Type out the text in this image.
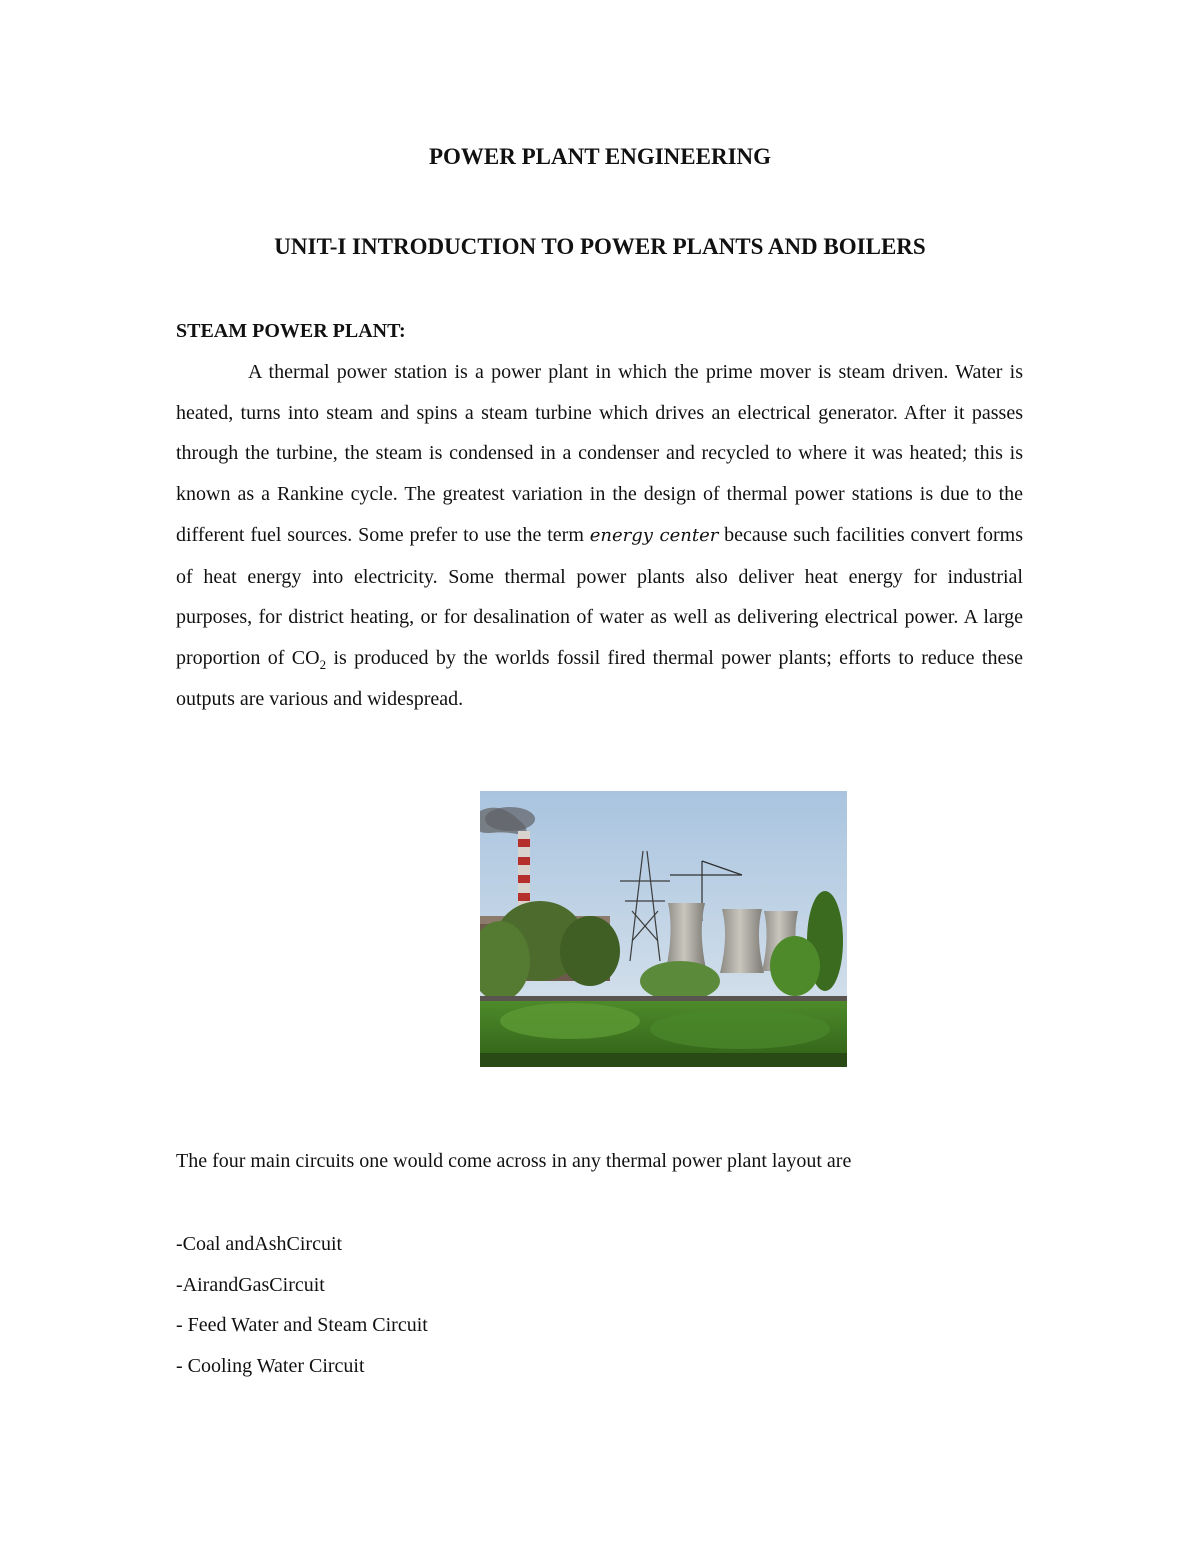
POWER PLANT ENGINEERING
UNIT-I INTRODUCTION TO POWER PLANTS AND BOILERS
STEAM POWER PLANT:

A thermal power station is a power plant in which the prime mover is steam driven. Water is heated, turns into steam and spins a steam turbine which drives an electrical generator. After it passes through the turbine, the steam is condensed in a condenser and recycled to where it was heated; this is known as a Rankine cycle. The greatest variation in the design of thermal power stations is due to the different fuel sources. Some prefer to use the term energy center because such facilities convert forms of heat energy into electricity. Some thermal power plants also deliver heat energy for industrial purposes, for district heating, or for desalination of water as well as delivering electrical power. A large proportion of $CO_2$ is produced by the worlds fossil fired thermal power plants; efforts to reduce these outputs are various and widespread.

The four main circuits one would come across in any thermal power plant layout are

-Coal andAshCircuit
-AirandGasCircuit
- Feed Water and Steam Circuit
- Cooling Water Circuit
